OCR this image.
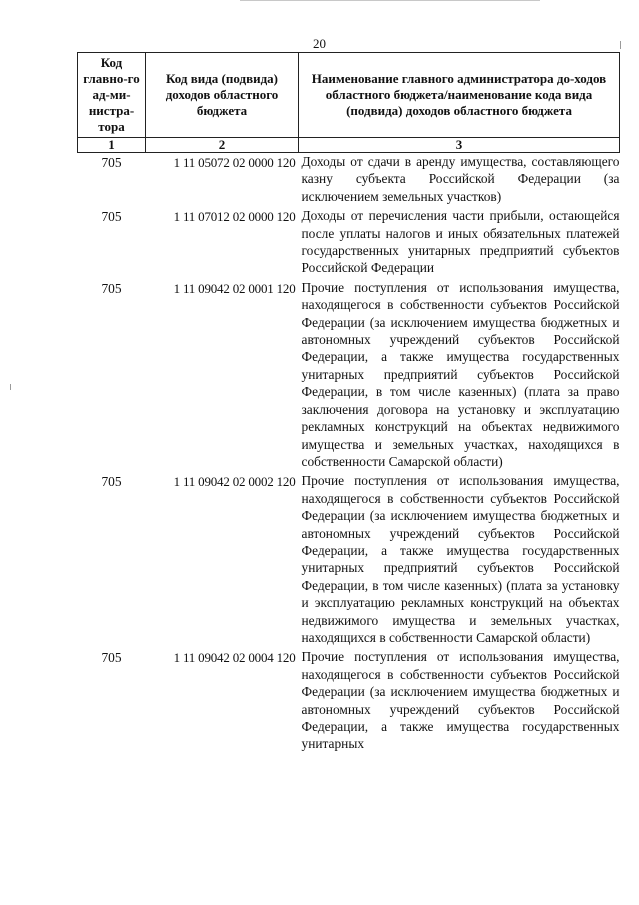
20
Код главно-го ад-ми-нистра-тора	Код вида (подвида) доходов областного бюджета	Наименование главного администратора до-ходов областного бюджета/наименование кода вида (подвида) доходов областного бюджета
1	2	3
705	1 11 05072 02 0000 120	Доходы от сдачи в аренду имущества, составляющего казну субъекта Российской Федерации (за исключением земельных участков)
705	1 11 07012 02 0000 120	Доходы от перечисления части прибыли, остающейся после уплаты налогов и иных обязательных платежей государственных унитарных предприятий субъектов Российской Федерации
705	1 11 09042 02 0001 120	Прочие поступления от использования имущества, находящегося в собственности субъектов Российской Федерации (за исключением имущества бюджетных и автономных учреждений субъектов Российской Федерации, а также имущества государственных унитарных предприятий субъектов Российской Федерации, в том числе казенных) (плата за право заключения договора на установку и эксплуатацию рекламных конструкций на объектах недвижимого имущества и земельных участках, находящихся в собственности Самарской области)
705	1 11 09042 02 0002 120	Прочие поступления от использования имущества, находящегося в собственности субъектов Российской Федерации (за исключением имущества бюджетных и автономных учреждений субъектов Российской Федерации, а также имущества государственных унитарных предприятий субъектов Российской Федерации, в том числе казенных) (плата за установку и эксплуатацию рекламных конструкций на объектах недвижимого имущества и земельных участках, находящихся в собственности Самарской области)
705	1 11 09042 02 0004 120	Прочие поступления от использования имущества, находящегося в собственности субъектов Российской Федерации (за исключением имущества бюджетных и автономных учреждений субъектов Российской Федерации, а также имущества государственных унитарных
